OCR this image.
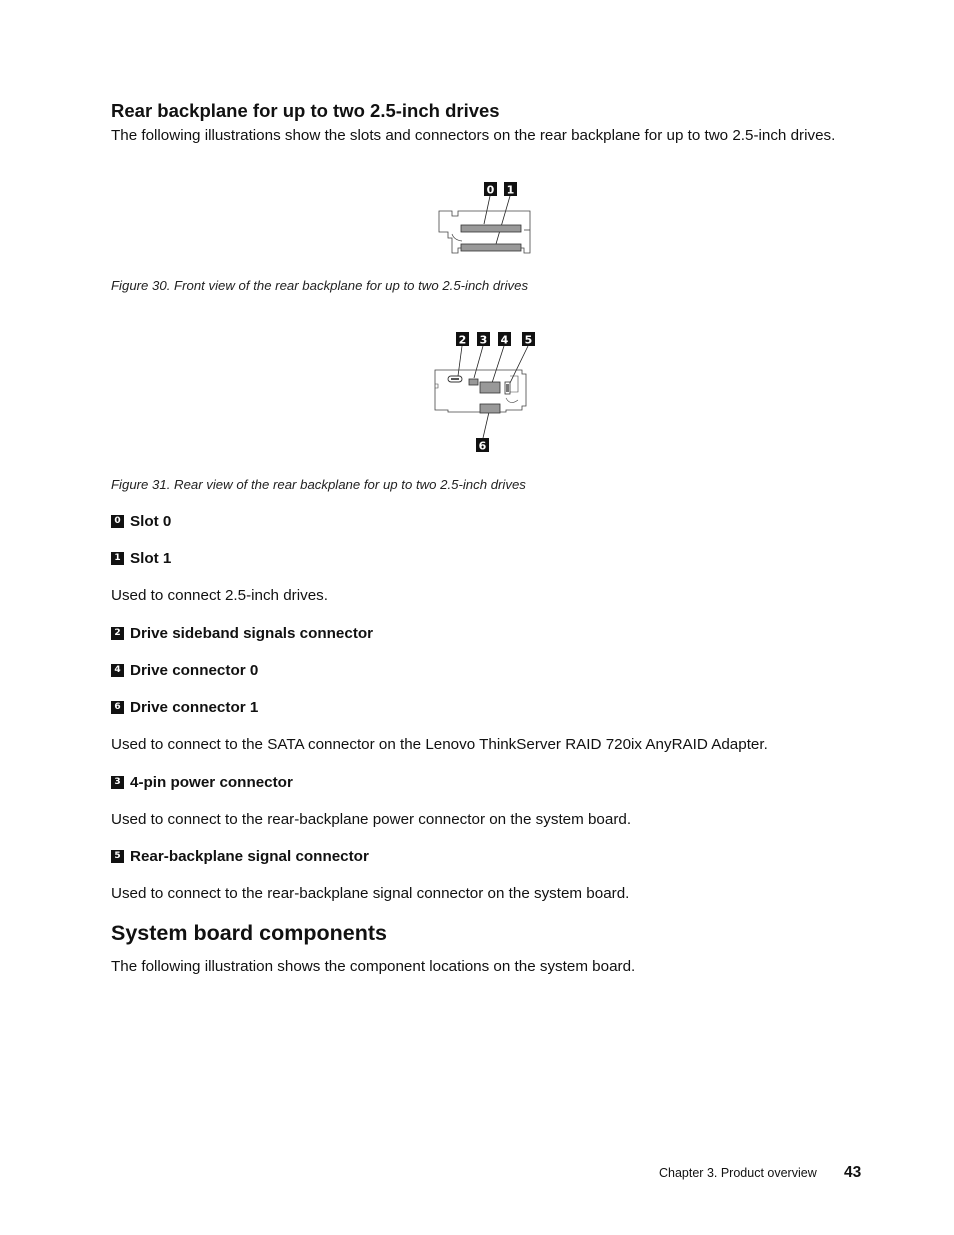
Rear backplane for up to two 2.5-inch drives
The following illustrations show the slots and connectors on the rear backplane for up to two 2.5-inch drives.
0 1
Figure 30. Front view of the rear backplane for up to two 2.5-inch drives
2 3 4 5
6
Figure 31. Rear view of the rear backplane for up to two 2.5-inch drives
0 Slot 0
1 Slot 1
Used to connect 2.5-inch drives.
2 Drive sideband signals connector
4 Drive connector 0
6 Drive connector 1
Used to connect to the SATA connector on the Lenovo ThinkServer RAID 720ix AnyRAID Adapter.
3 4-pin power connector
Used to connect to the rear-backplane power connector on the system board.
5 Rear-backplane signal connector
Used to connect to the rear-backplane signal connector on the system board.
System board components
The following illustration shows the component locations on the system board.
Chapter 3. Product overview 43
